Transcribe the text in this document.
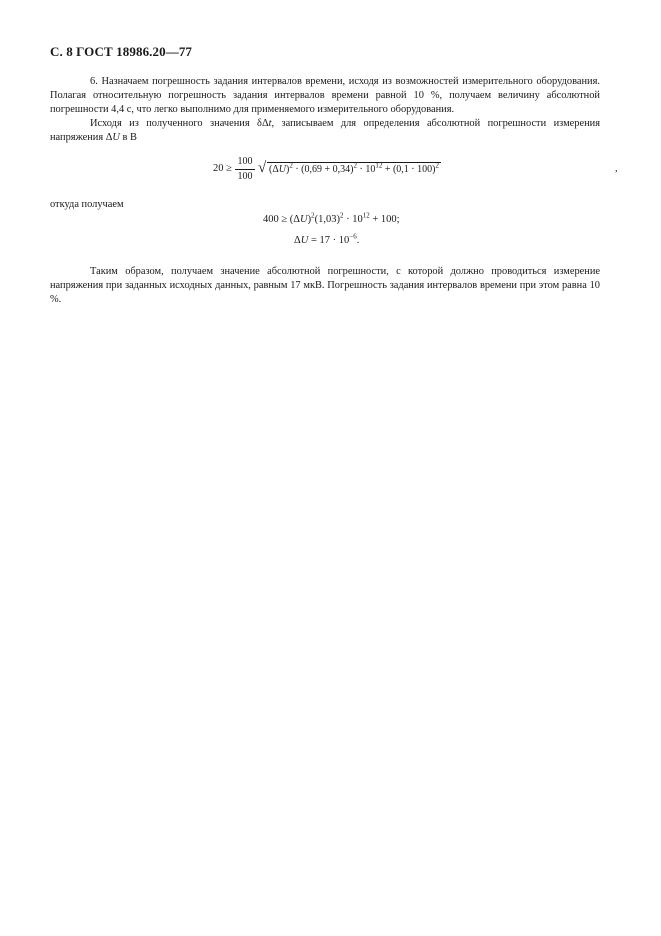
С. 8 ГОСТ 18986.20—77

6. Назначаем погрешность задания интервалов времени, исходя из возможностей измерительного оборудования. Полагая относительную погрешность задания интервалов времени равной 10 %, получаем величину абсолютной погрешности 4,4 с, что легко выполнимо для применяемого измерительного оборудования.

Исходя из полученного значения δΔt, записываем для определения абсолютной погрешности измерения напряжения ΔU в В

20 ≥
100
100
√ $(\Delta U)^2 \cdot (0,69 + 0,34)^2 \cdot 10^{12} + (0,1 \cdot 100)^2$	,

откуда получаем

$400 \ge (\Delta U)^2(1,03)^2 \cdot 10^{12} + 100$;
$\Delta U = 17 \cdot 10^{-6}$.

Таким образом, получаем значение абсолютной погрешности, с которой должно проводиться измерение напряжения при заданных исходных данных, равным 17 мкВ. Погрешность задания интервалов времени при этом равна 10 %.
